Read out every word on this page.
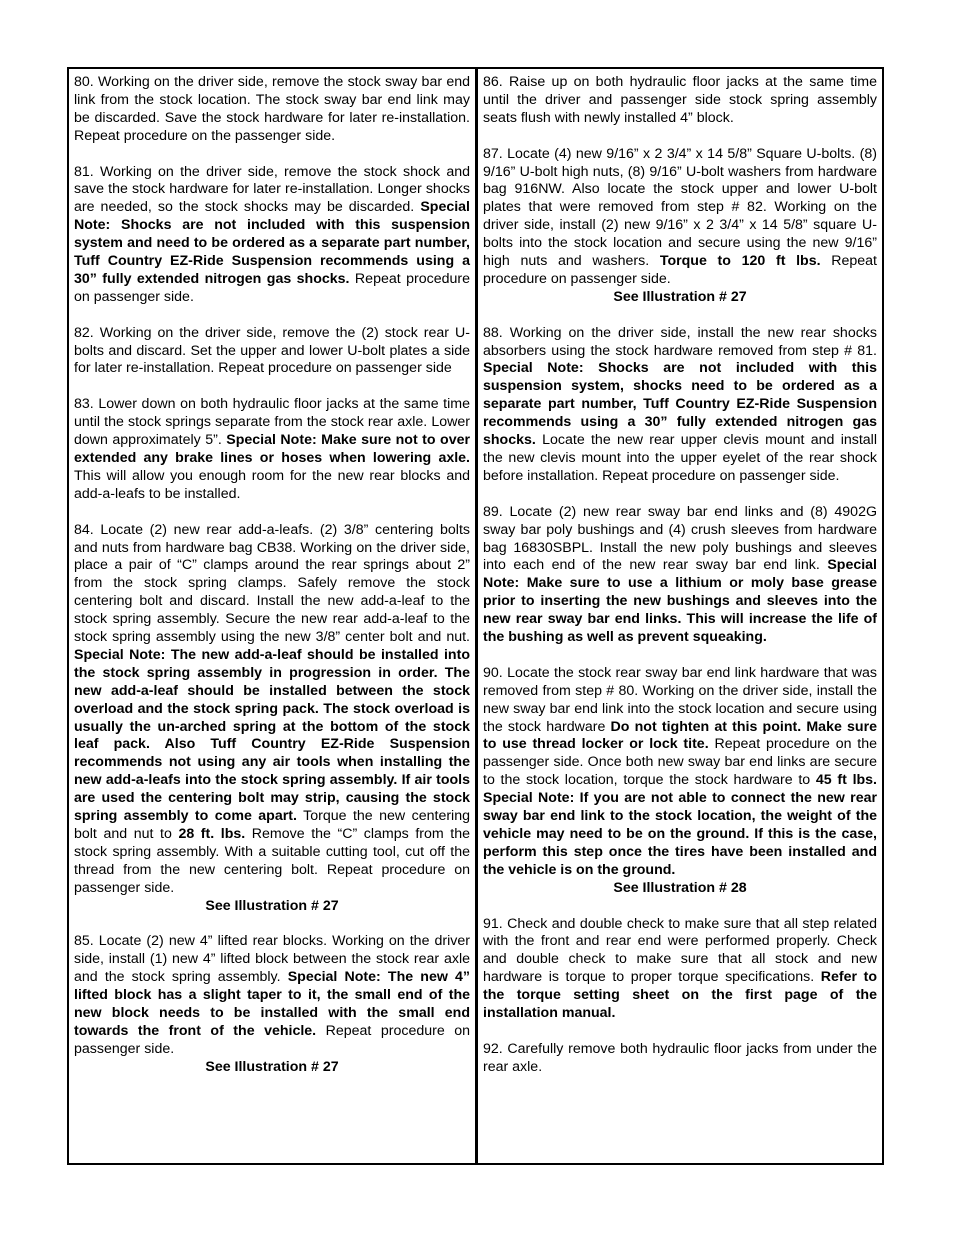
80. Working on the driver side, remove the stock sway bar end link from the stock location. The stock sway bar end link may be discarded. Save the stock hardware for later re-installation. Repeat procedure on the passenger side.

81. Working on the driver side, remove the stock shock and save the stock hardware for later re-installation. Longer shocks are needed, so the stock shocks may be discarded. Special Note: Shocks are not included with this suspension system and need to be ordered as a separate part number, Tuff Country EZ-Ride Suspension recommends using a 30” fully extended nitrogen gas shocks. Repeat procedure on passenger side.

82. Working on the driver side, remove the (2) stock rear U-bolts and discard. Set the upper and lower U-bolt plates a side for later re-installation. Repeat procedure on passenger side

83. Lower down on both hydraulic floor jacks at the same time until the stock springs separate from the stock rear axle. Lower down approximately 5”. Special Note: Make sure not to over extended any brake lines or hoses when lowering axle. This will allow you enough room for the new rear blocks and add-a-leafs to be installed.

84. Locate (2) new rear add-a-leafs. (2) 3/8” centering bolts and nuts from hardware bag CB38. Working on the driver side, place a pair of “C” clamps around the rear springs about 2” from the stock spring clamps. Safely remove the stock centering bolt and discard. Install the new add-a-leaf to the stock spring assembly. Secure the new rear add-a-leaf to the stock spring assembly using the new 3/8” center bolt and nut. Special Note: The new add-a-leaf should be installed into the stock spring assembly in progression in order. The new add-a-leaf should be installed between the stock overload and the stock spring pack. The stock overload is usually the un-arched spring at the bottom of the stock leaf pack. Also Tuff Country EZ-Ride Suspension recommends not using any air tools when installing the new add-a-leafs into the stock spring assembly. If air tools are used the centering bolt may strip, causing the stock spring assembly to come apart. Torque the new centering bolt and nut to 28 ft. lbs. Remove the “C” clamps from the stock spring assembly. With a suitable cutting tool, cut off the thread from the new centering bolt. Repeat procedure on passenger side.

See Illustration # 27

85. Locate (2) new 4” lifted rear blocks. Working on the driver side, install (1) new 4” lifted block between the stock rear axle and the stock spring assembly. Special Note: The new 4” lifted block has a slight taper to it, the small end of the new block needs to be installed with the small end towards the front of the vehicle. Repeat procedure on passenger side.

See Illustration # 27

86. Raise up on both hydraulic floor jacks at the same time until the driver and passenger side stock spring assembly seats flush with newly installed 4” block.

87. Locate (4) new 9/16” x 2 3/4” x 14 5/8” Square U-bolts. (8) 9/16” U-bolt high nuts, (8) 9/16” U-bolt washers from hardware bag 916NW. Also locate the stock upper and lower U-bolt plates that were removed from step # 82. Working on the driver side, install (2) new 9/16” x 2 3/4” x 14 5/8” square U-bolts into the stock location and secure using the new 9/16” high nuts and washers. Torque to 120 ft lbs. Repeat procedure on passenger side.

See Illustration # 27

88. Working on the driver side, install the new rear shocks absorbers using the stock hardware removed from step # 81. Special Note: Shocks are not included with this suspension system, shocks need to be ordered as a separate part number, Tuff Country EZ-Ride Suspension recommends using a 30” fully extended nitrogen gas shocks. Locate the new rear upper clevis mount and install the new clevis mount into the upper eyelet of the rear shock before installation. Repeat procedure on passenger side.

89. Locate (2) new rear sway bar end links and (8) 4902G sway bar poly bushings and (4) crush sleeves from hardware bag 16830SBPL. Install the new poly bushings and sleeves into each end of the new rear sway bar end link. Special Note: Make sure to use a lithium or moly base grease prior to inserting the new bushings and sleeves into the new rear sway bar end links. This will increase the life of the bushing as well as prevent squeaking.

90. Locate the stock rear sway bar end link hardware that was removed from step # 80. Working on the driver side, install the new sway bar end link into the stock location and secure using the stock hardware Do not tighten at this point. Make sure to use thread locker or lock tite. Repeat procedure on the passenger side. Once both new sway bar end links are secure to the stock location, torque the stock hardware to 45 ft lbs. Special Note: If you are not able to connect the new rear sway bar end link to the stock location, the weight of the vehicle may need to be on the ground. If this is the case, perform this step once the tires have been installed and the vehicle is on the ground.

See Illustration # 28

91. Check and double check to make sure that all step related with the front and rear end were performed properly. Check and double check to make sure that all stock and new hardware is torque to proper torque specifications. Refer to the torque setting sheet on the first page of the installation manual.

92. Carefully remove both hydraulic floor jacks from under the rear axle.
